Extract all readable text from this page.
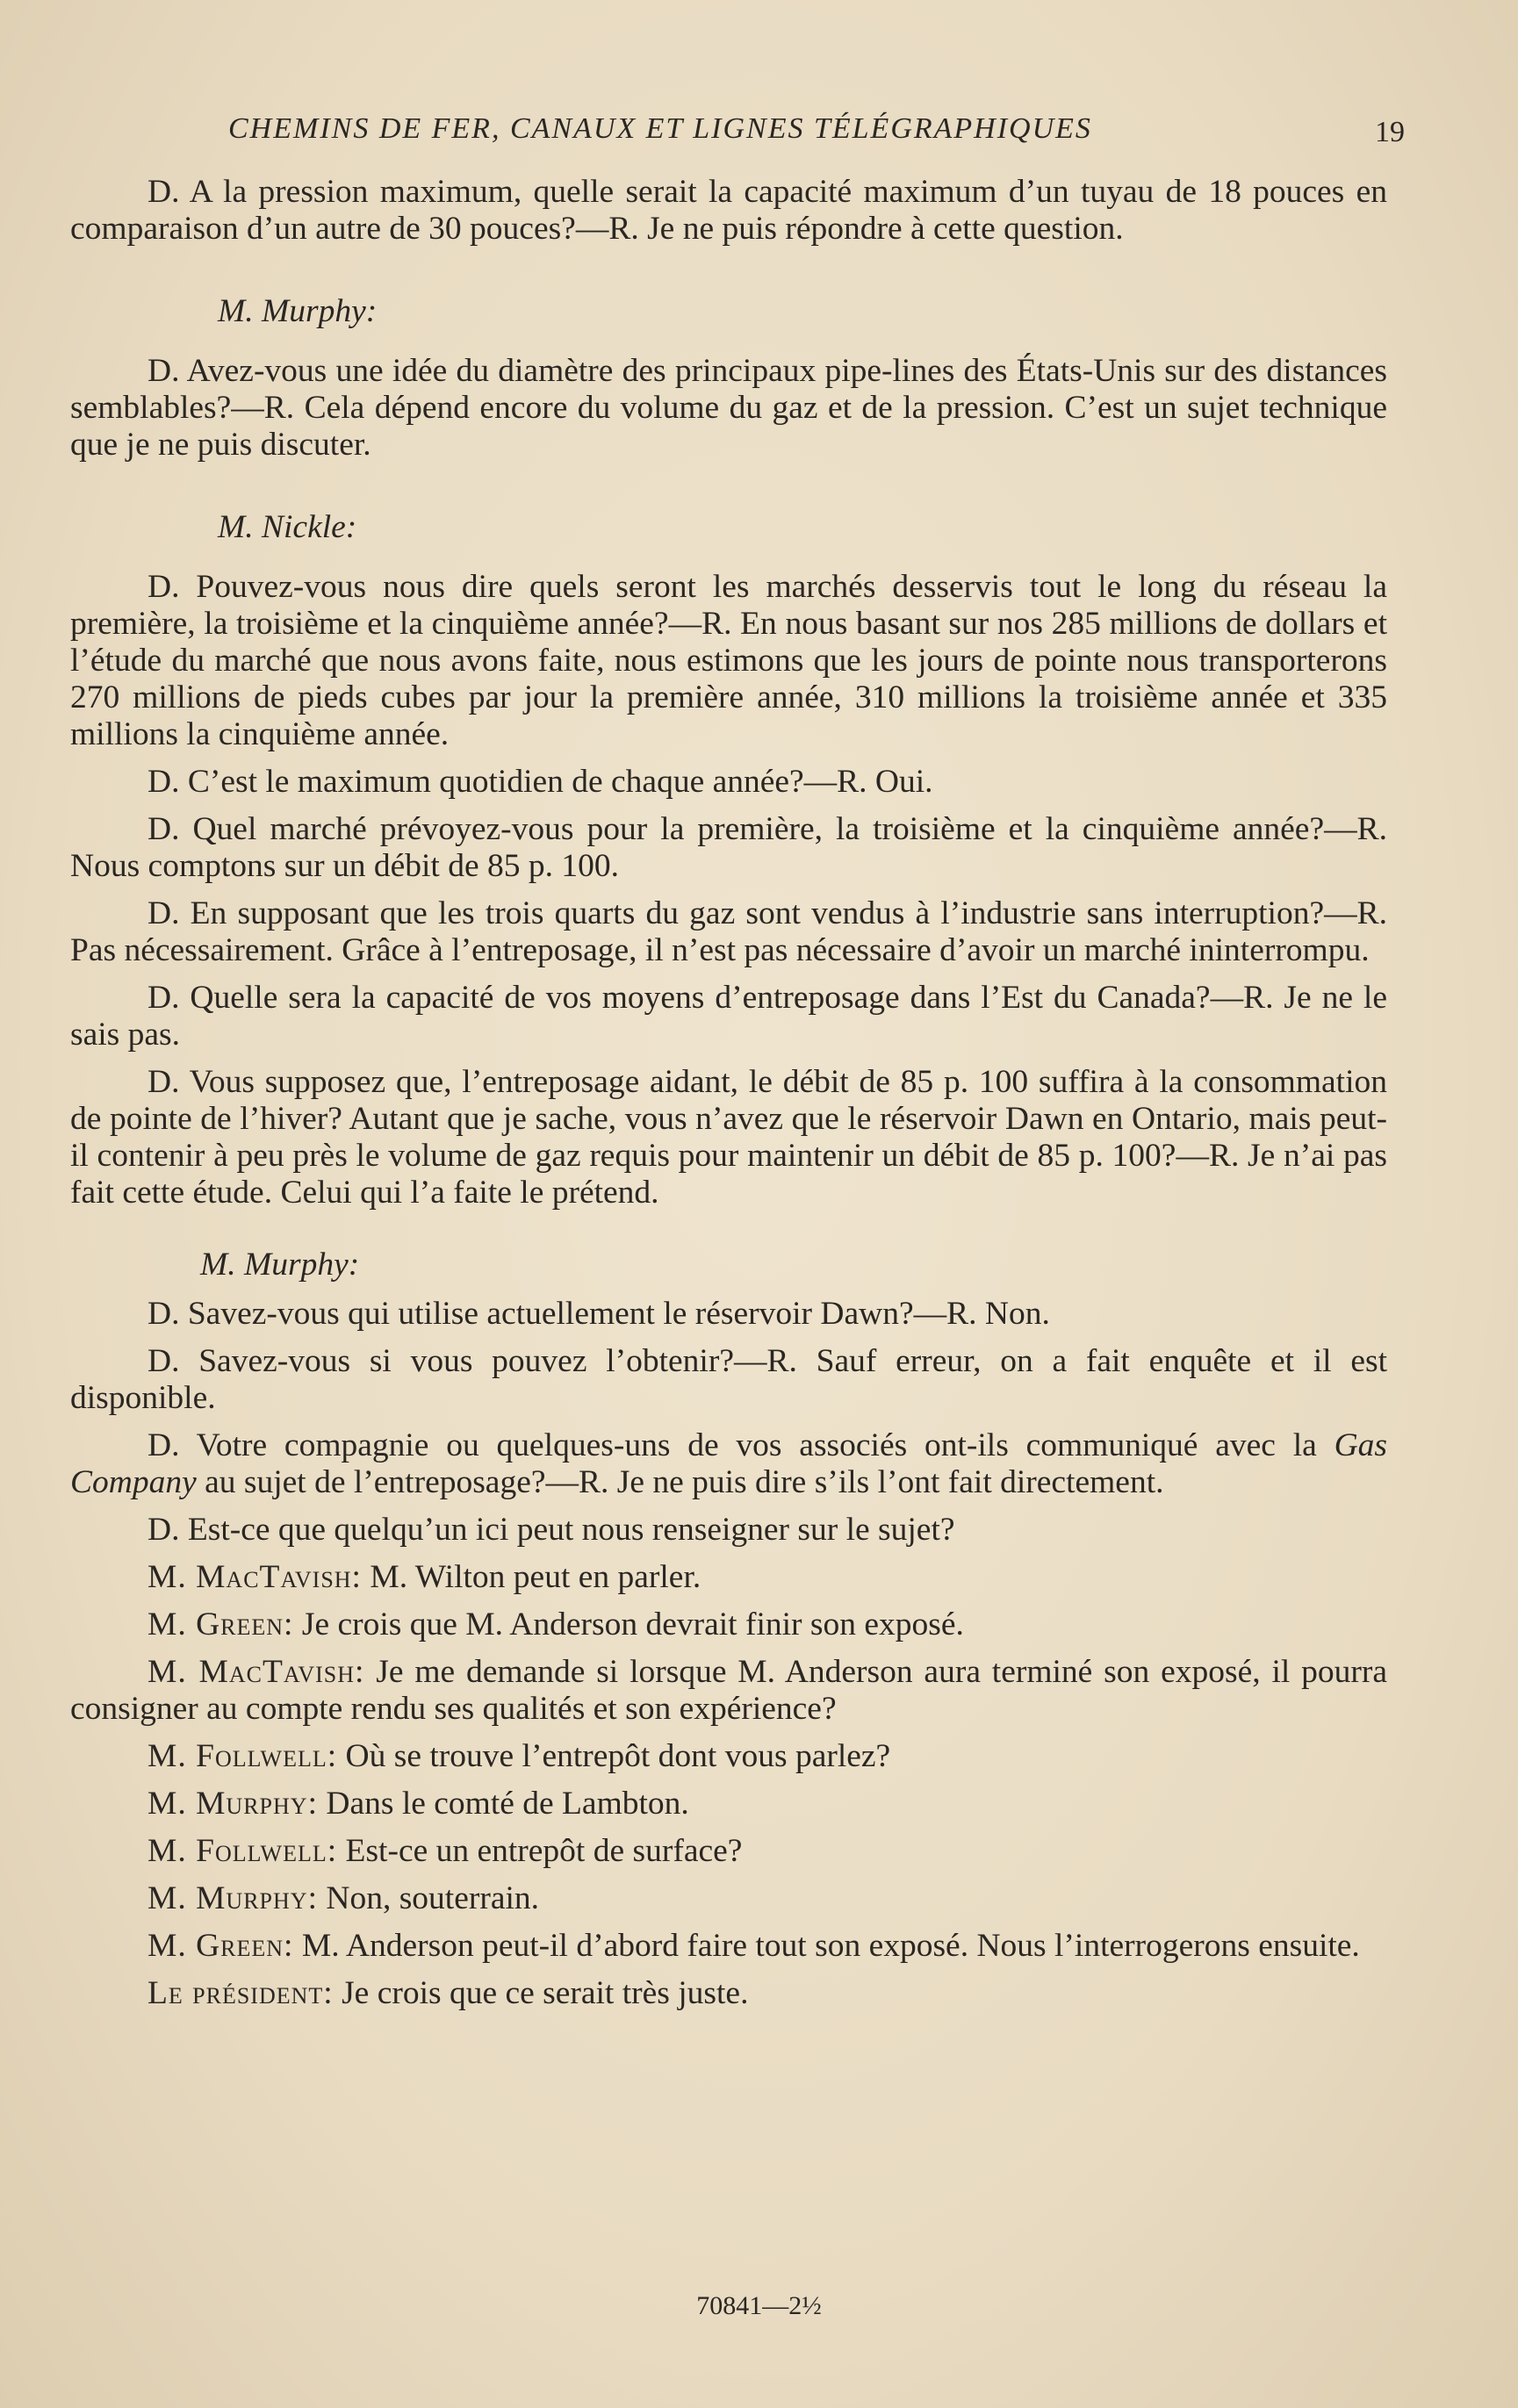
CHEMINS DE FER, CANAUX ET LIGNES TÉLÉGRAPHIQUES	19

D. A la pression maximum, quelle serait la capacité maximum d’un tuyau de 18 pouces en comparaison d’un autre de 30 pouces?—R. Je ne puis répondre à cette question.

M. Murphy:

D. Avez-vous une idée du diamètre des principaux pipe-lines des États-Unis sur des distances semblables?—R. Cela dépend encore du volume du gaz et de la pression. C’est un sujet technique que je ne puis discuter.

M. Nickle:

D. Pouvez-vous nous dire quels seront les marchés desservis tout le long du réseau la première, la troisième et la cinquième année?—R. En nous basant sur nos 285 millions de dollars et l’étude du marché que nous avons faite, nous estimons que les jours de pointe nous transporterons 270 millions de pieds cubes par jour la première année, 310 millions la troisième année et 335 millions la cinquième année.

D. C’est le maximum quotidien de chaque année?—R. Oui.

D. Quel marché prévoyez-vous pour la première, la troisième et la cinquième année?—R. Nous comptons sur un débit de 85 p. 100.

D. En supposant que les trois quarts du gaz sont vendus à l’industrie sans interruption?—R. Pas nécessairement. Grâce à l’entreposage, il n’est pas nécessaire d’avoir un marché ininterrompu.

D. Quelle sera la capacité de vos moyens d’entreposage dans l’Est du Canada?—R. Je ne le sais pas.

D. Vous supposez que, l’entreposage aidant, le débit de 85 p. 100 suffira à la consommation de pointe de l’hiver? Autant que je sache, vous n’avez que le réservoir Dawn en Ontario, mais peut-il contenir à peu près le volume de gaz requis pour maintenir un débit de 85 p. 100?—R. Je n’ai pas fait cette étude. Celui qui l’a faite le prétend.

M. Murphy:

D. Savez-vous qui utilise actuellement le réservoir Dawn?—R. Non.

D. Savez-vous si vous pouvez l’obtenir?—R. Sauf erreur, on a fait enquête et il est disponible.

D. Votre compagnie ou quelques-uns de vos associés ont-ils communiqué avec la Gas Company au sujet de l’entreposage?—R. Je ne puis dire s’ils l’ont fait directement.

D. Est-ce que quelqu’un ici peut nous renseigner sur le sujet?

M. MacTavish: M. Wilton peut en parler.

M. Green: Je crois que M. Anderson devrait finir son exposé.

M. MacTavish: Je me demande si lorsque M. Anderson aura terminé son exposé, il pourra consigner au compte rendu ses qualités et son expérience?

M. Follwell: Où se trouve l’entrepôt dont vous parlez?

M. Murphy: Dans le comté de Lambton.

M. Follwell: Est-ce un entrepôt de surface?

M. Murphy: Non, souterrain.

M. Green: M. Anderson peut-il d’abord faire tout son exposé. Nous l’interrogerons ensuite.

Le président: Je crois que ce serait très juste.

70841—2½
